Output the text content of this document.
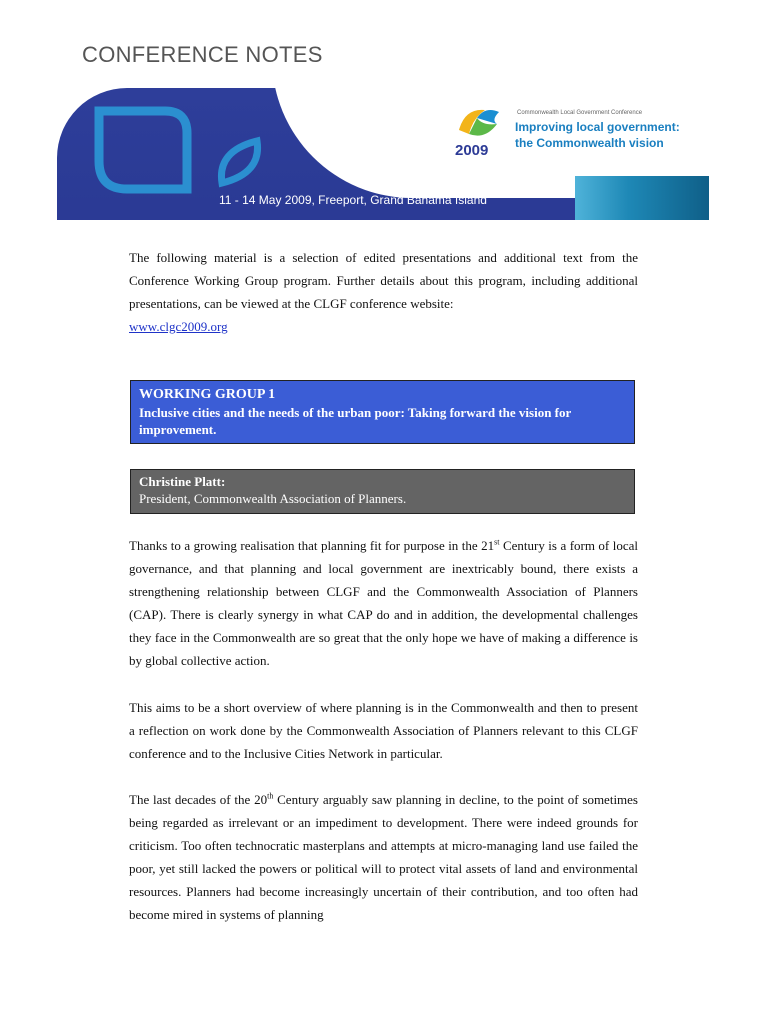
CONFERENCE NOTES
2009
Commonwealth Local Government Conference
Improving local government:
the Commonwealth vision
11 - 14 May 2009, Freeport, Grand Bahama Island
The following material is a selection of edited presentations and additional text from the Conference Working Group program. Further details about this program, including additional presentations, can be viewed at the CLGF conference website:
www.clgc2009.org
WORKING GROUP 1
Inclusive cities and the needs of the urban poor: Taking forward the vision for improvement.
Christine Platt:
President, Commonwealth Association of Planners.
Thanks to a growing realisation that planning fit for purpose in the 21st Century is a form of local governance, and that planning and local government are inextricably bound, there exists a strengthening relationship between CLGF and the Commonwealth Association of Planners (CAP). There is clearly synergy in what CAP do and in addition, the developmental challenges they face in the Commonwealth are so great that the only hope we have of making a difference is by global collective action.
This aims to be a short overview of where planning is in the Commonwealth and then to present a reflection on work done by the Commonwealth Association of Planners relevant to this CLGF conference and to the Inclusive Cities Network in particular.
The last decades of the 20th Century arguably saw planning in decline, to the point of sometimes being regarded as irrelevant or an impediment to development. There were indeed grounds for criticism. Too often technocratic masterplans and attempts at micro-managing land use failed the poor, yet still lacked the powers or political will to protect vital assets of land and environmental resources. Planners had become increasingly uncertain of their contribution, and too often had become mired in systems of planning
